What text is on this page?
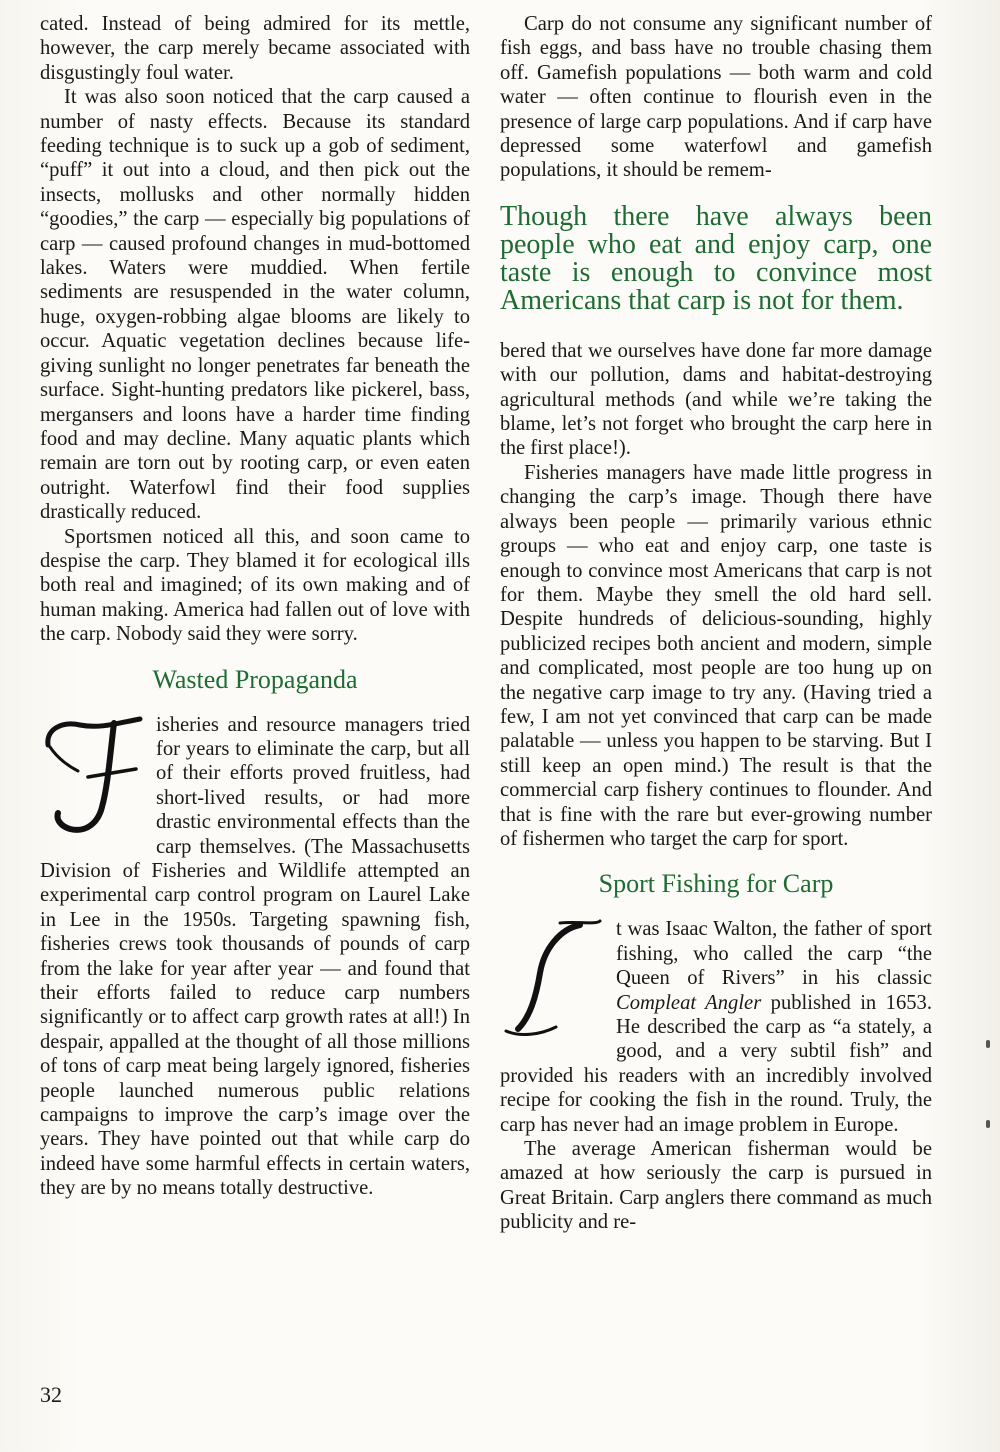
cated. Instead of being admired for its mettle, however, the carp merely became associated with disgustingly foul water.

It was also soon noticed that the carp caused a number of nasty effects. Because its standard feeding technique is to suck up a gob of sediment, “puff” it out into a cloud, and then pick out the insects, mollusks and other normally hidden “goodies,” the carp — especially big populations of carp — caused profound changes in mud-bottomed lakes. Waters were muddied. When fertile sediments are resuspended in the water column, huge, oxygen-robbing algae blooms are likely to occur. Aquatic vegetation declines because life-giving sunlight no longer penetrates far beneath the surface. Sight-hunting predators like pickerel, bass, mergansers and loons have a harder time finding food and may decline. Many aquatic plants which remain are torn out by rooting carp, or even eaten outright. Waterfowl find their food supplies drastically reduced.

Sportsmen noticed all this, and soon came to despise the carp. They blamed it for ecological ills both real and imagined; of its own making and of human making. America had fallen out of love with the carp. Nobody said they were sorry.

Wasted Propaganda

isheries and resource managers tried for years to eliminate the carp, but all of their efforts proved fruitless, had short-lived results, or had more drastic environmental effects than the carp themselves. (The Massachusetts Division of Fisheries and Wildlife attempted an experimental carp control program on Laurel Lake in Lee in the 1950s. Targeting spawning fish, fisheries crews took thousands of pounds of carp from the lake for year after year — and found that their efforts failed to reduce carp numbers significantly or to affect carp growth rates at all!) In despair, appalled at the thought of all those millions of tons of carp meat being largely ignored, fisheries people launched numerous public relations campaigns to improve the carp’s image over the years. They have pointed out that while carp do indeed have some harmful effects in certain waters, they are by no means totally destructive.

Carp do not consume any significant number of fish eggs, and bass have no trouble chasing them off. Gamefish populations — both warm and cold water — often continue to flourish even in the presence of large carp populations. And if carp have depressed some waterfowl and gamefish populations, it should be remem-

Though there have always been people who eat and enjoy carp, one taste is enough to convince most Americans that carp is not for them.

bered that we ourselves have done far more damage with our pollution, dams and habitat-destroying agricultural methods (and while we’re taking the blame, let’s not forget who brought the carp here in the first place!).

Fisheries managers have made little progress in changing the carp’s image. Though there have always been people — primarily various ethnic groups — who eat and enjoy carp, one taste is enough to convince most Americans that carp is not for them. Maybe they smell the old hard sell. Despite hundreds of delicious-sounding, highly publicized recipes both ancient and modern, simple and complicated, most people are too hung up on the negative carp image to try any. (Having tried a few, I am not yet convinced that carp can be made palatable — unless you happen to be starving. But I still keep an open mind.) The result is that the commercial carp fishery continues to flounder. And that is fine with the rare but ever-growing number of fishermen who target the carp for sport.

Sport Fishing for Carp

t was Isaac Walton, the father of sport fishing, who called the carp “the Queen of Rivers” in his classic Compleat Angler published in 1653. He described the carp as “a stately, a good, and a very subtil fish” and provided his readers with an incredibly involved recipe for cooking the fish in the round. Truly, the carp has never had an image problem in Europe.

The average American fisherman would be amazed at how seriously the carp is pursued in Great Britain. Carp anglers there command as much publicity and re-

32
